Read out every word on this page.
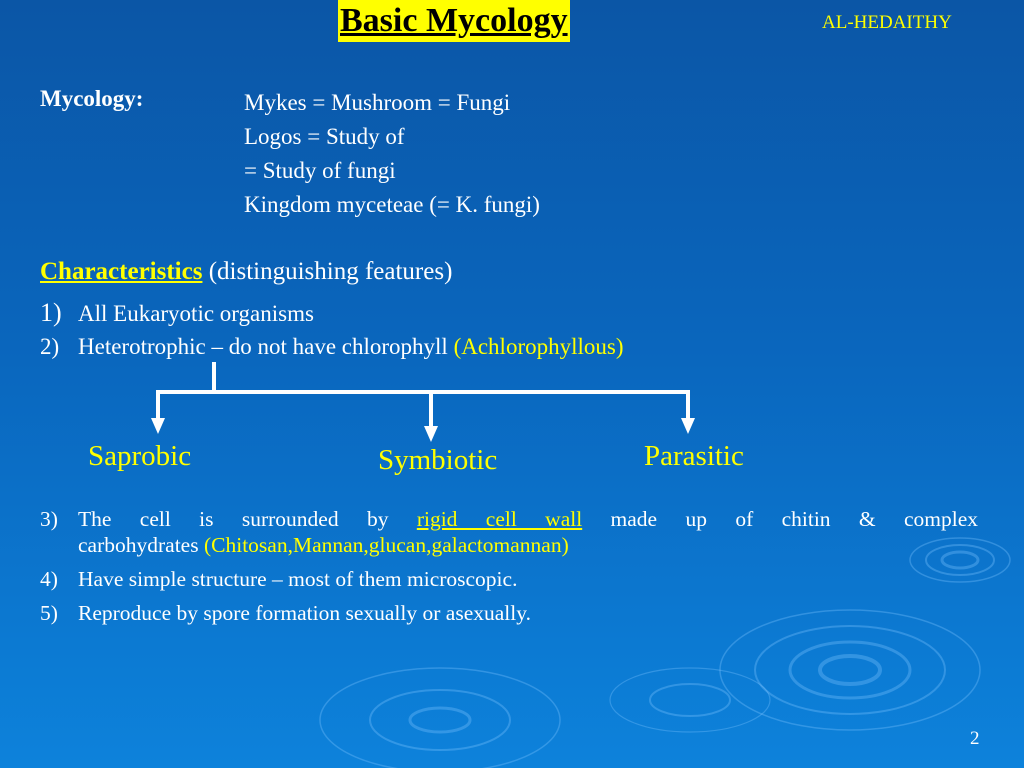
Basic Mycology	AL-HEDAITHY
Mycology:	Mykes = Mushroom = Fungi
Logos = Study of
= Study of fungi
Kingdom myceteae (= K. fungi)
Characteristics (distinguishing features)
1) All Eukaryotic organisms
2) Heterotrophic – do not have chlorophyll (Achlorophyllous)
Saprobic	Symbiotic	Parasitic
3) The cell is surrounded by rigid cell wall made up of chitin & complex
carbohydrates (Chitosan,Mannan,glucan,galactomannan)
4) Have simple structure – most of them microscopic.
5) Reproduce by spore formation sexually or asexually.
2
